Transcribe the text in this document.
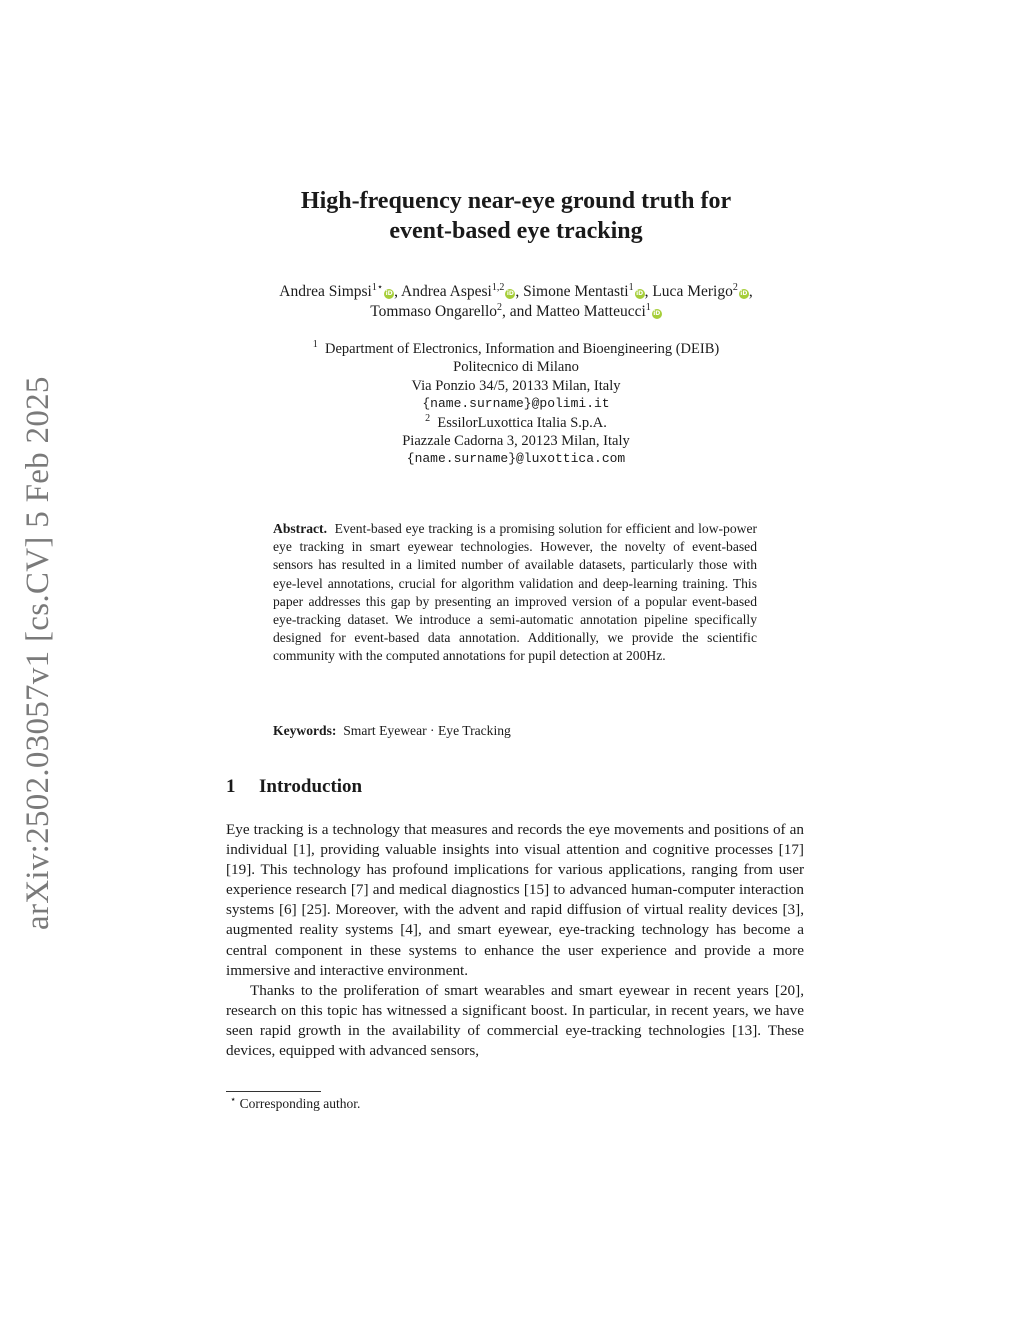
arXiv:2502.03057v1 [cs.CV] 5 Feb 2025
High-frequency near-eye ground truth for
event-based eye tracking
Andrea Simpsi$^{1⋆}$iD, Andrea Aspesi$^{1,2}$iD, Simone Mentasti$^1$iD, Luca Merigo$^2$iD,
Tommaso Ongarello$^2$, and Matteo Matteucci$^1$iD
$^1$ Department of Electronics, Information and Bioengineering (DEIB)
Politecnico di Milano
Via Ponzio 34/5, 20133 Milan, Italy
{name.surname}@polimi.it
$^2$ EssilorLuxottica Italia S.p.A.
Piazzale Cadorna 3, 20123 Milan, Italy
{name.surname}@luxottica.com
Abstract. Event-based eye tracking is a promising solution for efficient and low-power eye tracking in smart eyewear technologies. However, the novelty of event-based sensors has resulted in a limited number of available datasets, particularly those with eye-level annotations, crucial for algorithm validation and deep-learning training. This paper addresses this gap by presenting an improved version of a popular event-based eye-tracking dataset. We introduce a semi-automatic annotation pipeline specifically designed for event-based data annotation. Additionally, we provide the scientific community with the computed annotations for pupil detection at 200Hz.
Keywords: Smart Eyewear · Eye Tracking
1 Introduction

Eye tracking is a technology that measures and records the eye movements and positions of an individual [1], providing valuable insights into visual attention and cognitive processes [17] [19]. This technology has profound implications for various applications, ranging from user experience research [7] and medical diagnostics [15] to advanced human-computer interaction systems [6] [25]. Moreover, with the advent and rapid diffusion of virtual reality devices [3], augmented reality systems [4], and smart eyewear, eye-tracking technology has become a central component in these systems to enhance the user experience and provide a more immersive and interactive environment.

Thanks to the proliferation of smart wearables and smart eyewear in recent years [20], research on this topic has witnessed a significant boost. In particular, in recent years, we have seen rapid growth in the availability of commercial eye-tracking technologies [13]. These devices, equipped with advanced sensors,

⋆ Corresponding author.
